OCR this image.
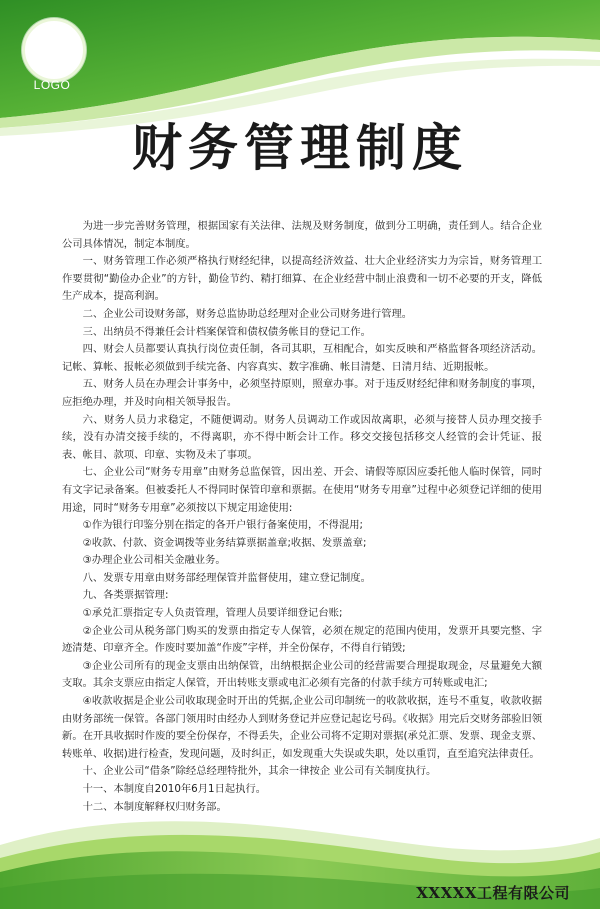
LOGO
财务管理制度

为进一步完善财务管理，根据国家有关法律、法规及财务制度，做到分工明确，责任到人。结合企业公司具体情况，制定本制度。

一、财务管理工作必须严格执行财经纪律，以提高经济效益、壮大企业经济实力为宗旨，财务管理工作要贯彻“勤俭办企业”的方针，勤俭节约、精打细算、在企业经营中制止浪费和一切不必要的开支，降低生产成本，提高利润。

二、企业公司设财务部，财务总监协助总经理对企业公司财务进行管理。

三、出纳员不得兼任会计档案保管和债权债务帐目的登记工作。

四、财会人员都要认真执行岗位责任制，各司其职，互相配合，如实反映和严格监督各项经济活动。记帐、算帐、报帐必须做到手续完备、内容真实、数字准确、帐目清楚、日清月结、近期报帐。

五、财务人员在办理会计事务中，必须坚持原则，照章办事。对于违反财经纪律和财务制度的事项，应拒绝办理，并及时向相关领导报告。

六、财务人员力求稳定，不随便调动。财务人员调动工作或因故离职，必须与接替人员办理交接手续，没有办清交接手续的，不得离职，亦不得中断会计工作。移交交接包括移交人经管的会计凭证、报表、帐目、款项、印章、实物及未了事项。

七、企业公司“财务专用章”由财务总监保管，因出差、开会、请假等原因应委托他人临时保管，同时有文字记录备案。但被委托人不得同时保管印章和票据。在使用“财务专用章”过程中必须登记详细的使用用途，同时“财务专用章”必须按以下规定用途使用:

①作为银行印鉴分别在指定的各开户银行备案使用，不得混用;

②收款、付款、资金调拨等业务结算票据盖章;收据、发票盖章;

③办理企业公司相关金融业务。

八、发票专用章由财务部经理保管并监督使用，建立登记制度。

九、各类票据管理:

①承兑汇票指定专人负责管理，管理人员要详细登记台账;

②企业公司从税务部门购买的发票由指定专人保管，必须在规定的范围内使用，发票开具要完整、字迹清楚、印章齐全。作废时要加盖“作废”字样，并全份保存，不得自行销毁;

③企业公司所有的现金支票由出纳保管，出纳根据企业公司的经营需要合理提取现金，尽量避免大额支取。其余支票应由指定人保管，开出转账支票或电汇必须有完备的付款手续方可转账或电汇;

④收款收据是企业公司收取现金时开出的凭据,企业公司印制统一的收款收据，连号不重复，收款收据由财务部统一保管。各部门领用时由经办人到财务登记并应登记起讫号码。《收据》用完后交财务部验旧领新。在开具收据时作废的要全份保存，不得丢失，企业公司将不定期对票据(承兑汇票、发票、现金支票、转账单、收据)进行检查，发现问题，及时纠正，如发现重大失误或失职，处以重罚，直至追究法律责任。

十、企业公司“借条”除经总经理特批外，其余一律按企 业公司有关制度执行。

十一、本制度自2010年6月1日起执行。

十二、本制度解释权归财务部。

XXXXX工程有限公司
